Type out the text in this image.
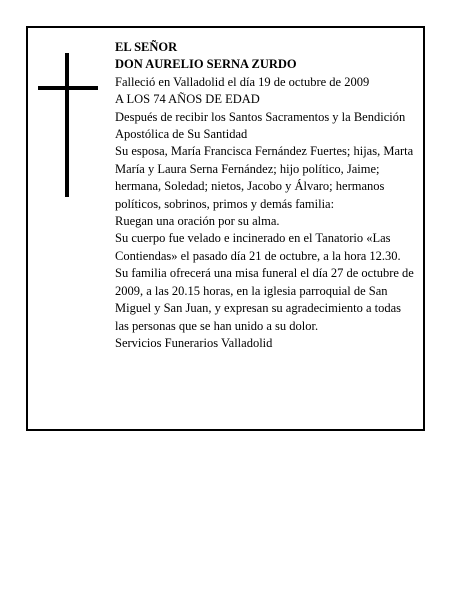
EL SEÑOR

DON AURELIO SERNA ZURDO

Falleció en Valladolid el día 19 de octubre de 2009

A LOS 74 AÑOS DE EDAD

Después de recibir los Santos Sacramentos y la Bendición Apostólica de Su Santidad

Su esposa, María Francisca Fernández Fuertes; hijas, Marta María y Laura Serna Fernández; hijo político, Jaime; hermana, Soledad; nietos, Jacobo y Álvaro; hermanos políticos, sobrinos, primos y demás familia:

Ruegan una oración por su alma.

Su cuerpo fue velado e incinerado en el Tanatorio «Las Contiendas» el pasado día 21 de octubre, a la hora 12.30.

Su familia ofrecerá una misa funeral el día 27 de octubre de 2009, a las 20.15 horas, en la iglesia parroquial de San Miguel y San Juan, y expresan su agradecimiento a todas las personas que se han unido a su dolor.

Servicios Funerarios Valladolid
